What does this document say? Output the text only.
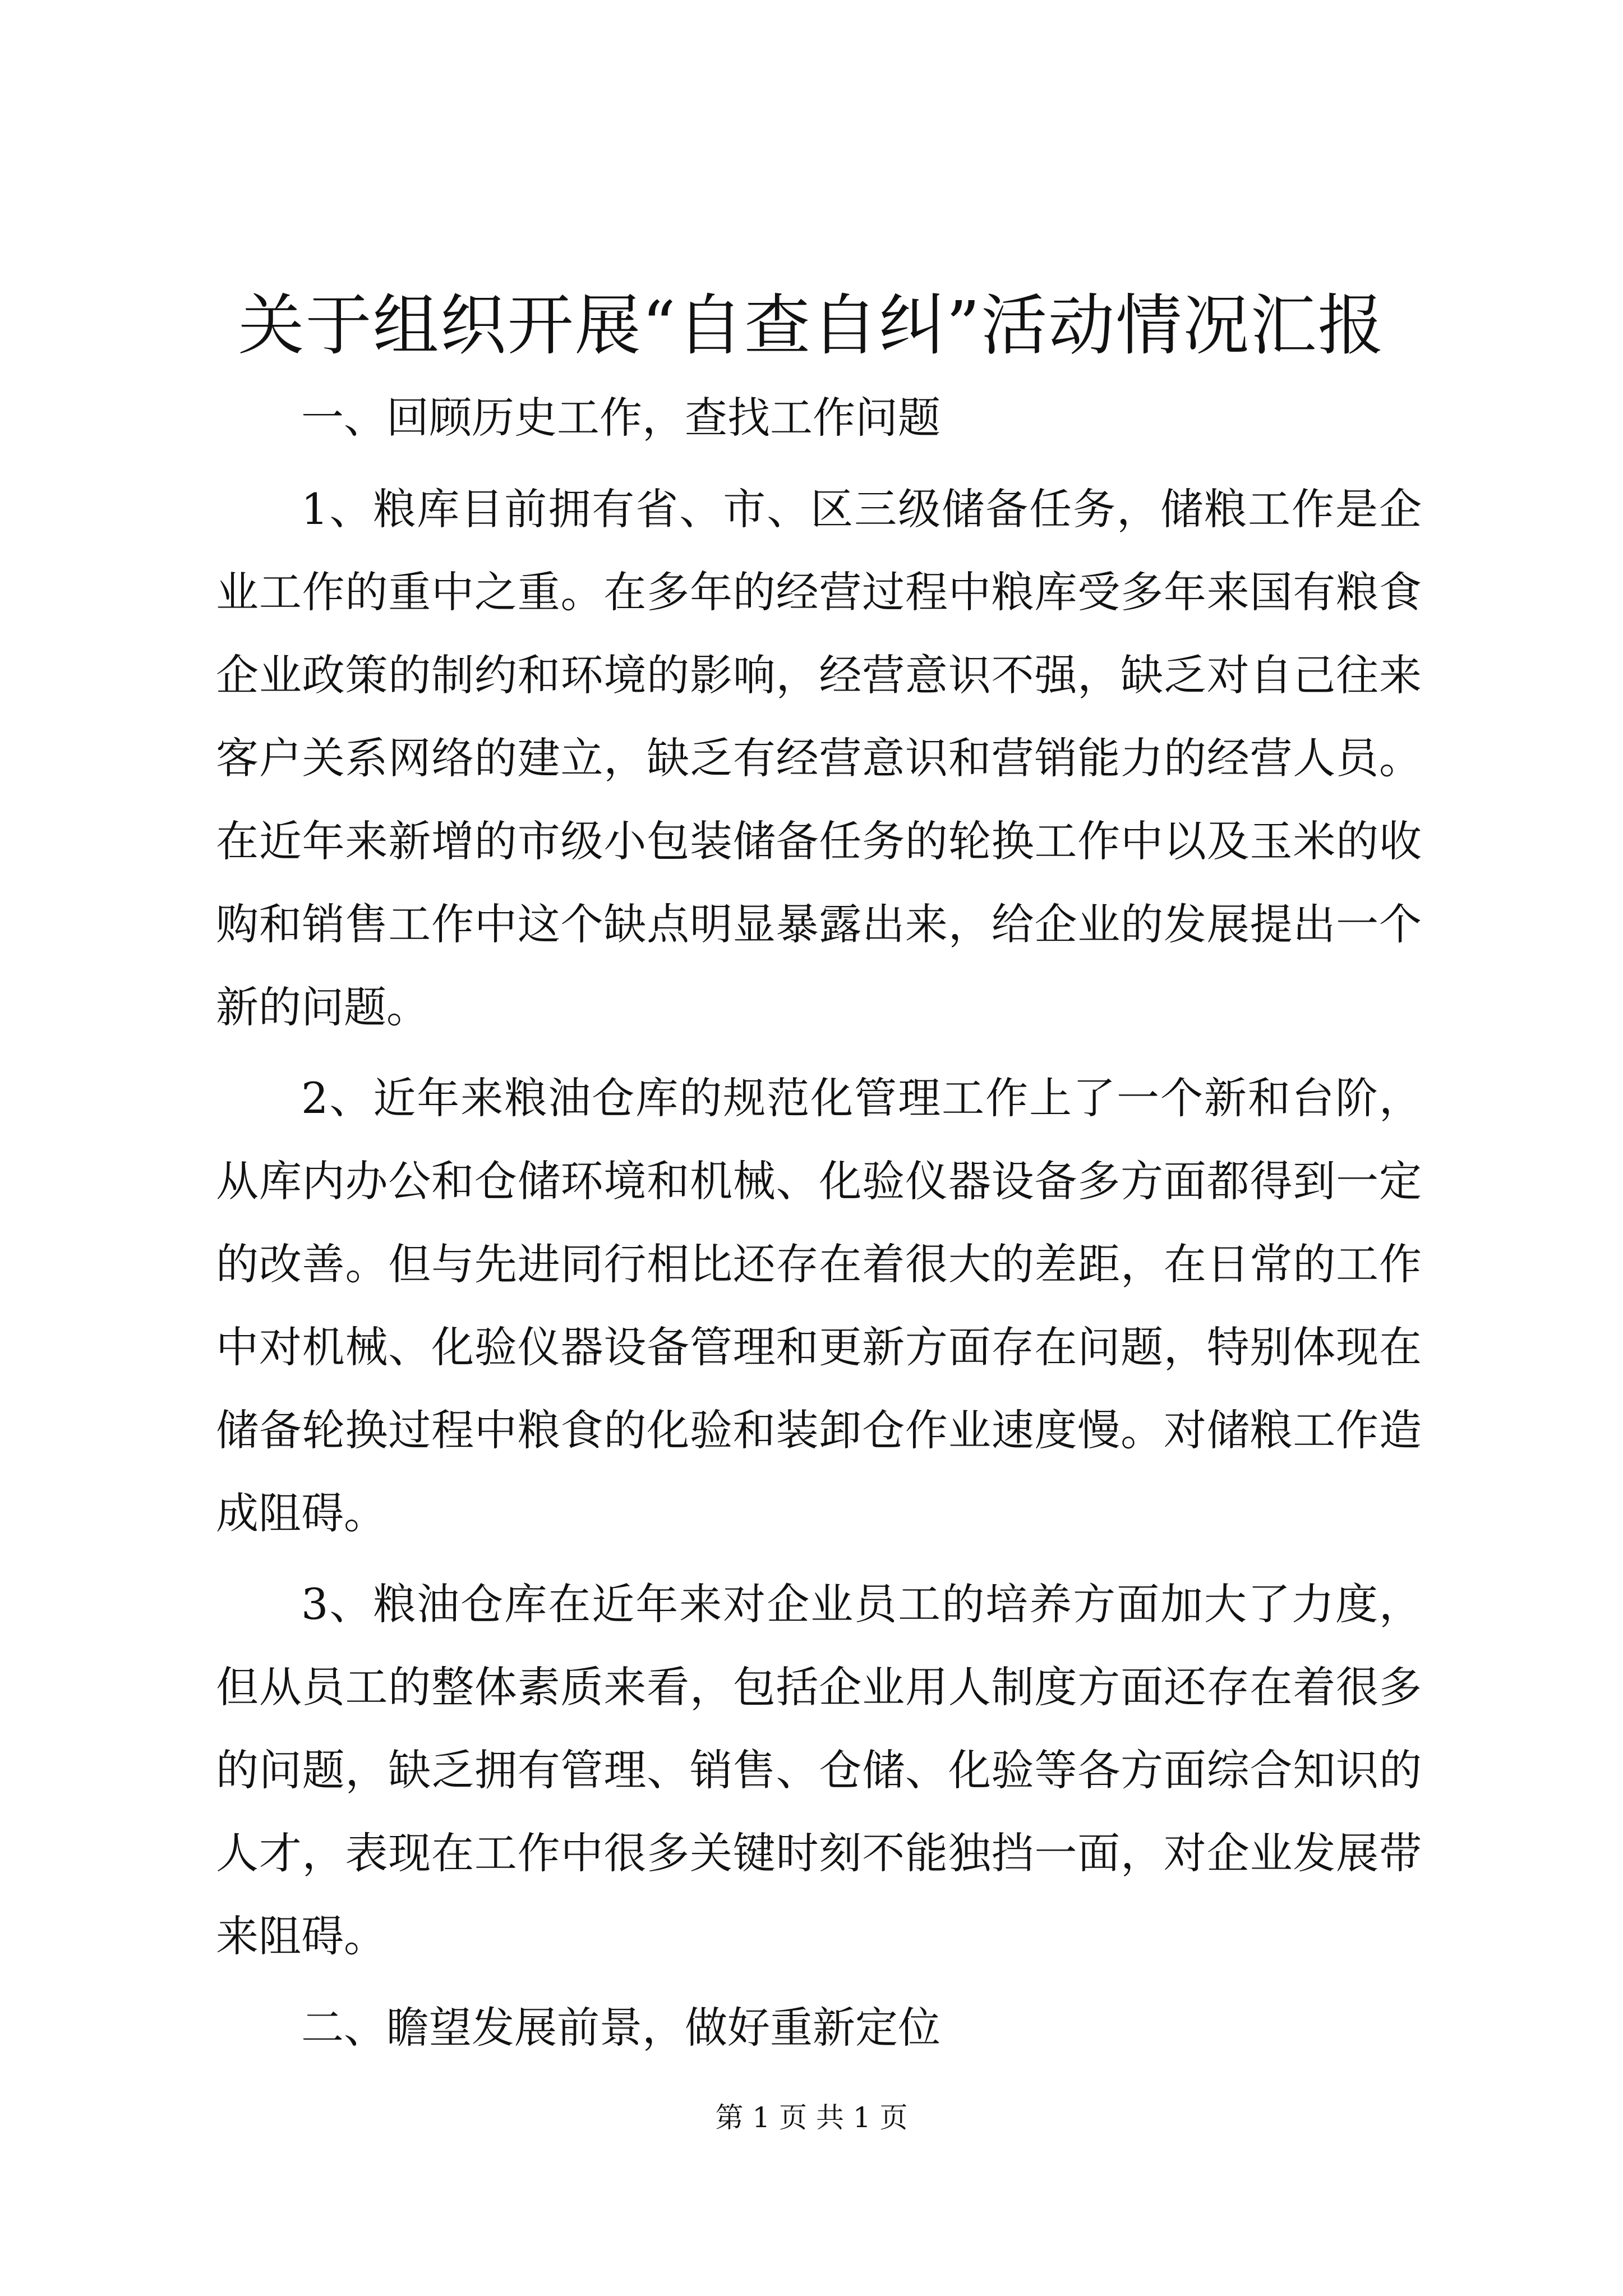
关于组织开展“自查自纠”活动情况汇报

一、回顾历史工作，查找工作问题

1、粮库目前拥有省、市、区三级储备任务，储粮工作是企业工作的重中之重。在多年的经营过程中粮库受多年来国有粮食企业政策的制约和环境的影响，经营意识不强，缺乏对自己往来客户关系网络的建立，缺乏有经营意识和营销能力的经营人员。在近年来新增的市级小包装储备任务的轮换工作中以及玉米的收购和销售工作中这个缺点明显暴露出来，给企业的发展提出一个新的问题。

2、近年来粮油仓库的规范化管理工作上了一个新和台阶，从库内办公和仓储环境和机械、化验仪器设备多方面都得到一定的改善。但与先进同行相比还存在着很大的差距，在日常的工作中对机械、化验仪器设备管理和更新方面存在问题，特别体现在储备轮换过程中粮食的化验和装卸仓作业速度慢。对储粮工作造成阻碍。

3、粮油仓库在近年来对企业员工的培养方面加大了力度，但从员工的整体素质来看，包括企业用人制度方面还存在着很多的问题，缺乏拥有管理、销售、仓储、化验等各方面综合知识的人才，表现在工作中很多关键时刻不能独挡一面，对企业发展带来阻碍。

二、瞻望发展前景，做好重新定位

第 1 页 共 1 页
